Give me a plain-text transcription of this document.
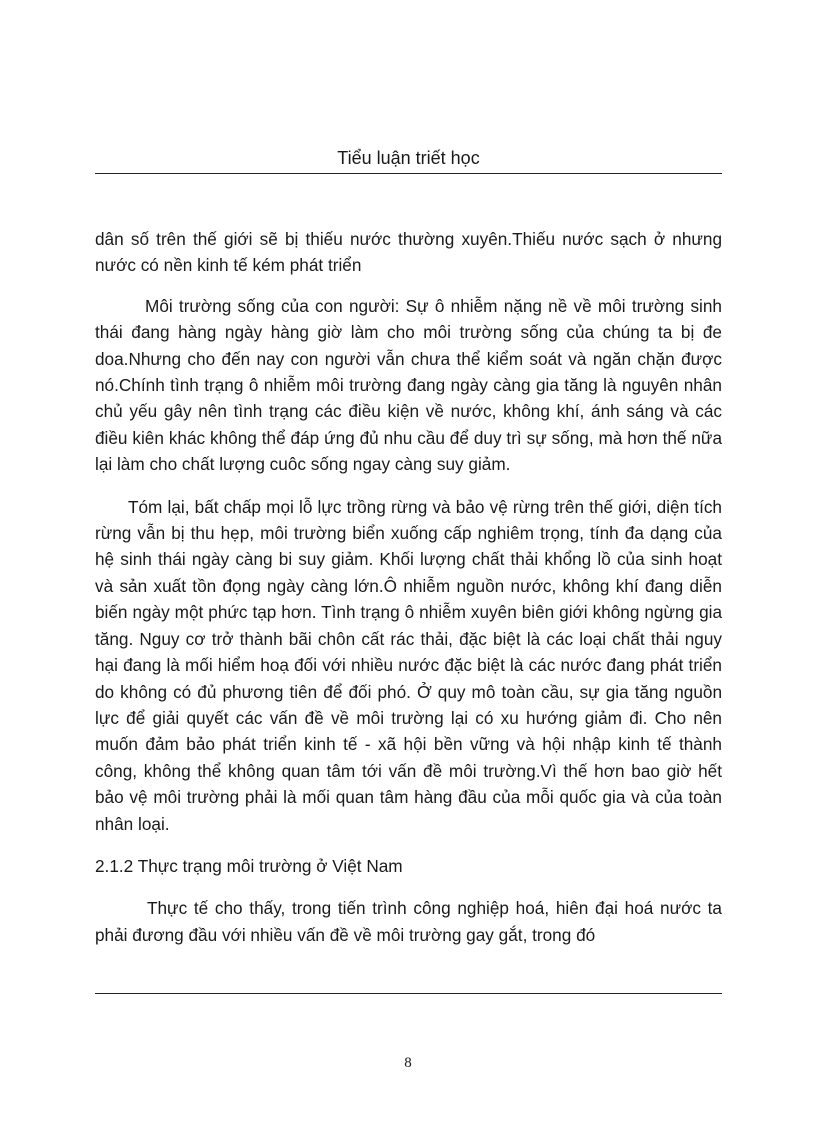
Tiểu luận triết học

dân số trên thế giới sẽ bị thiếu nước thường xuyên.Thiếu nước sạch ở nhưng nước có nền kinh tế kém phát triển

Môi trường sống của con người: Sự ô nhiễm nặng nề về môi trường sinh thái đang hàng ngày hàng giờ làm cho môi trường sống của chúng ta bị đe doa.Nhưng cho đến nay con người vẫn chưa thể kiểm soát và ngăn chặn được nó.Chính tình trạng ô nhiễm môi trường đang ngày càng gia tăng là nguyên nhân chủ yếu gây nên tình trạng các điều kiện về nước, không khí, ánh sáng và các điều kiên khác không thể đáp ứng đủ nhu cầu để duy trì sự sống, mà hơn thế nữa lại làm cho chất lượng cuôc sống ngay càng suy giảm.

Tóm lại, bất chấp mọi lỗ lực trồng rừng và bảo vệ rừng trên thế giới, diện tích rừng vẫn bị thu hẹp, môi trường biển xuống cấp nghiêm trọng, tính đa dạng của hệ sinh thái ngày càng bi suy giảm. Khối lượng chất thải khổng lồ của sinh hoạt và sản xuất tồn đọng ngày càng lớn.Ô nhiễm nguồn nước, không khí đang diễn biến ngày một phức tạp hơn. Tình trạng ô nhiễm xuyên biên giới không ngừng gia tăng. Nguy cơ trở thành bãi chôn cất rác thải, đặc biệt là các loại chất thải nguy hại đang là mối hiểm hoạ đối với nhiều nước đặc biệt là các nước đang phát triển do không có đủ phương tiên để đối phó. Ở quy mô toàn cầu, sự gia tăng nguồn lực để giải quyết các vấn đề về môi trường lại có xu hướng giảm đi. Cho nên muốn đảm bảo phát triển kinh tế - xã hội bền vững và hội nhập kinh tế thành công, không thể không quan tâm tới vấn đề môi trường.Vì thế hơn bao giờ hết bảo vệ môi trường phải là mối quan tâm hàng đầu của mỗi quốc gia và của toàn nhân loại.

2.1.2 Thực trạng môi trường ở Việt Nam

Thực tế cho thấy, trong tiến trình công nghiệp hoá, hiên đại hoá nước ta phải đương đầu với nhiều vấn đề về môi trường gay gắt, trong đó

8
